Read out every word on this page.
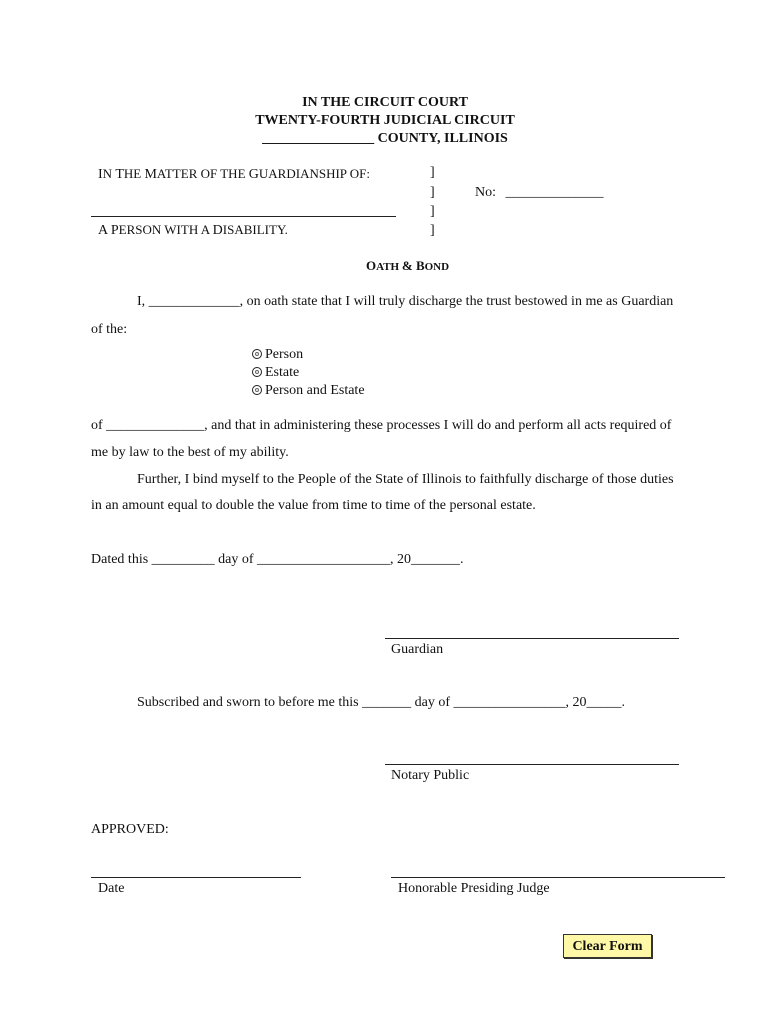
IN THE CIRCUIT COURT
TWENTY-FOURTH JUDICIAL CIRCUIT
________________ COUNTY, ILLINOIS
IN THE MATTER OF THE GUARDIANSHIP OF:
A PERSON WITH A DISABILITY.
]
]
]
]
No: ______________
OATH & BOND
I, _____________, on oath state that I will truly discharge the trust bestowed in me as Guardian
of the:
Person
Estate
Person and Estate
of ______________, and that in administering these processes I will do and perform all acts required of
me by law to the best of my ability.
Further, I bind myself to the People of the State of Illinois to faithfully discharge of those duties
in an amount equal to double the value from time to time of the personal estate.
Dated this _________ day of ___________________, 20_______.
Guardian
Subscribed and sworn to before me this _______ day of ________________, 20_____.
Notary Public
APPROVED:
Date	Honorable Presiding Judge
Clear Form
